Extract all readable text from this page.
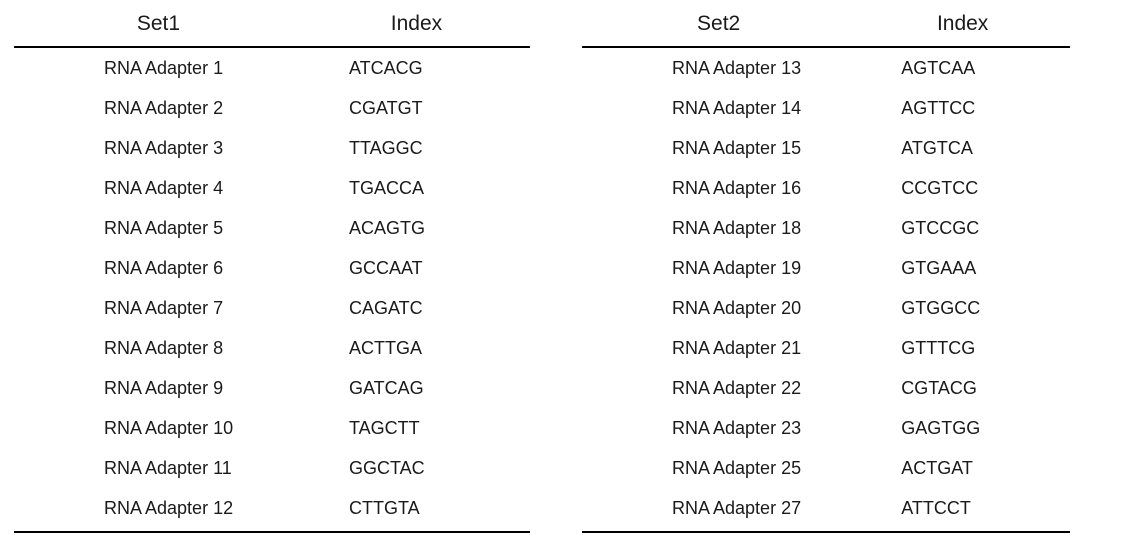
Set1	Index
RNA Adapter 1	ATCACG
RNA Adapter 2	CGATGT
RNA Adapter 3	TTAGGC
RNA Adapter 4	TGACCA
RNA Adapter 5	ACAGTG
RNA Adapter 6	GCCAAT
RNA Adapter 7	CAGATC
RNA Adapter 8	ACTTGA
RNA Adapter 9	GATCAG
RNA Adapter 10	TAGCTT
RNA Adapter 11	GGCTAC
RNA Adapter 12	CTTGTA
Set2	Index
RNA Adapter 13	AGTCAA
RNA Adapter 14	AGTTCC
RNA Adapter 15	ATGTCA
RNA Adapter 16	CCGTCC
RNA Adapter 18	GTCCGC
RNA Adapter 19	GTGAAA
RNA Adapter 20	GTGGCC
RNA Adapter 21	GTTTCG
RNA Adapter 22	CGTACG
RNA Adapter 23	GAGTGG
RNA Adapter 25	ACTGAT
RNA Adapter 27	ATTCCT
